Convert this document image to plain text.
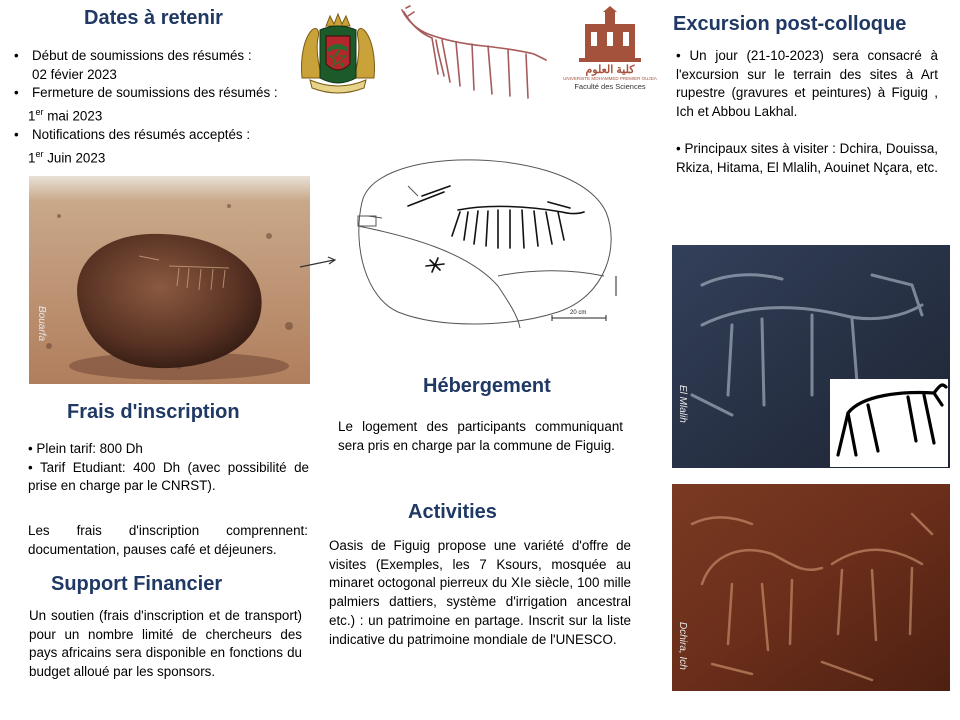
Dates à retenir
• Début de soumissions des résumés :
02 févier 2023
• Fermeture de soumissions des résumés :
1er mai 2023
• Notifications des résumés acceptés :
1er Juin 2023
كلية العلوم
UNIVERSITE MOHAMMED PREMIER OUJDA
Faculté des Sciences
Excursion post-colloque
• Un jour (21-10-2023) sera consacré à l'excursion sur le terrain des sites à Art rupestre (gravures et peintures) à Figuig , Ich et Abbou Lakhal.
• Principaux sites à visiter : Dchira, Douissa, Rkiza, Hitama, El Mlalih, Aouinet Nçara, etc.
Bouarfa	20 cm
El Mlalih
Dchira, Ich
Frais d'inscription
• Plein tarif: 800 Dh
• Tarif Etudiant: 400 Dh (avec possibilité de prise en charge par le CNRST).
Les frais d'inscription comprennent: documentation, pauses café et déjeuners.
Support Financier
Un soutien (frais d'inscription et de transport) pour un nombre limité de chercheurs des pays africains sera disponible en fonctions du budget alloué par les sponsors.
Hébergement
Le logement des participants communiquant sera pris en charge par la commune de Figuig.
Activities
Oasis de Figuig propose une variété d'offre de visites (Exemples, les 7 Ksours, mosquée au minaret octogonal pierreux du XIe siècle, 100 mille palmiers dattiers, système d'irrigation ancestral etc.) : un patrimoine en partage. Inscrit sur la liste indicative du patrimoine mondiale de l'UNESCO.
